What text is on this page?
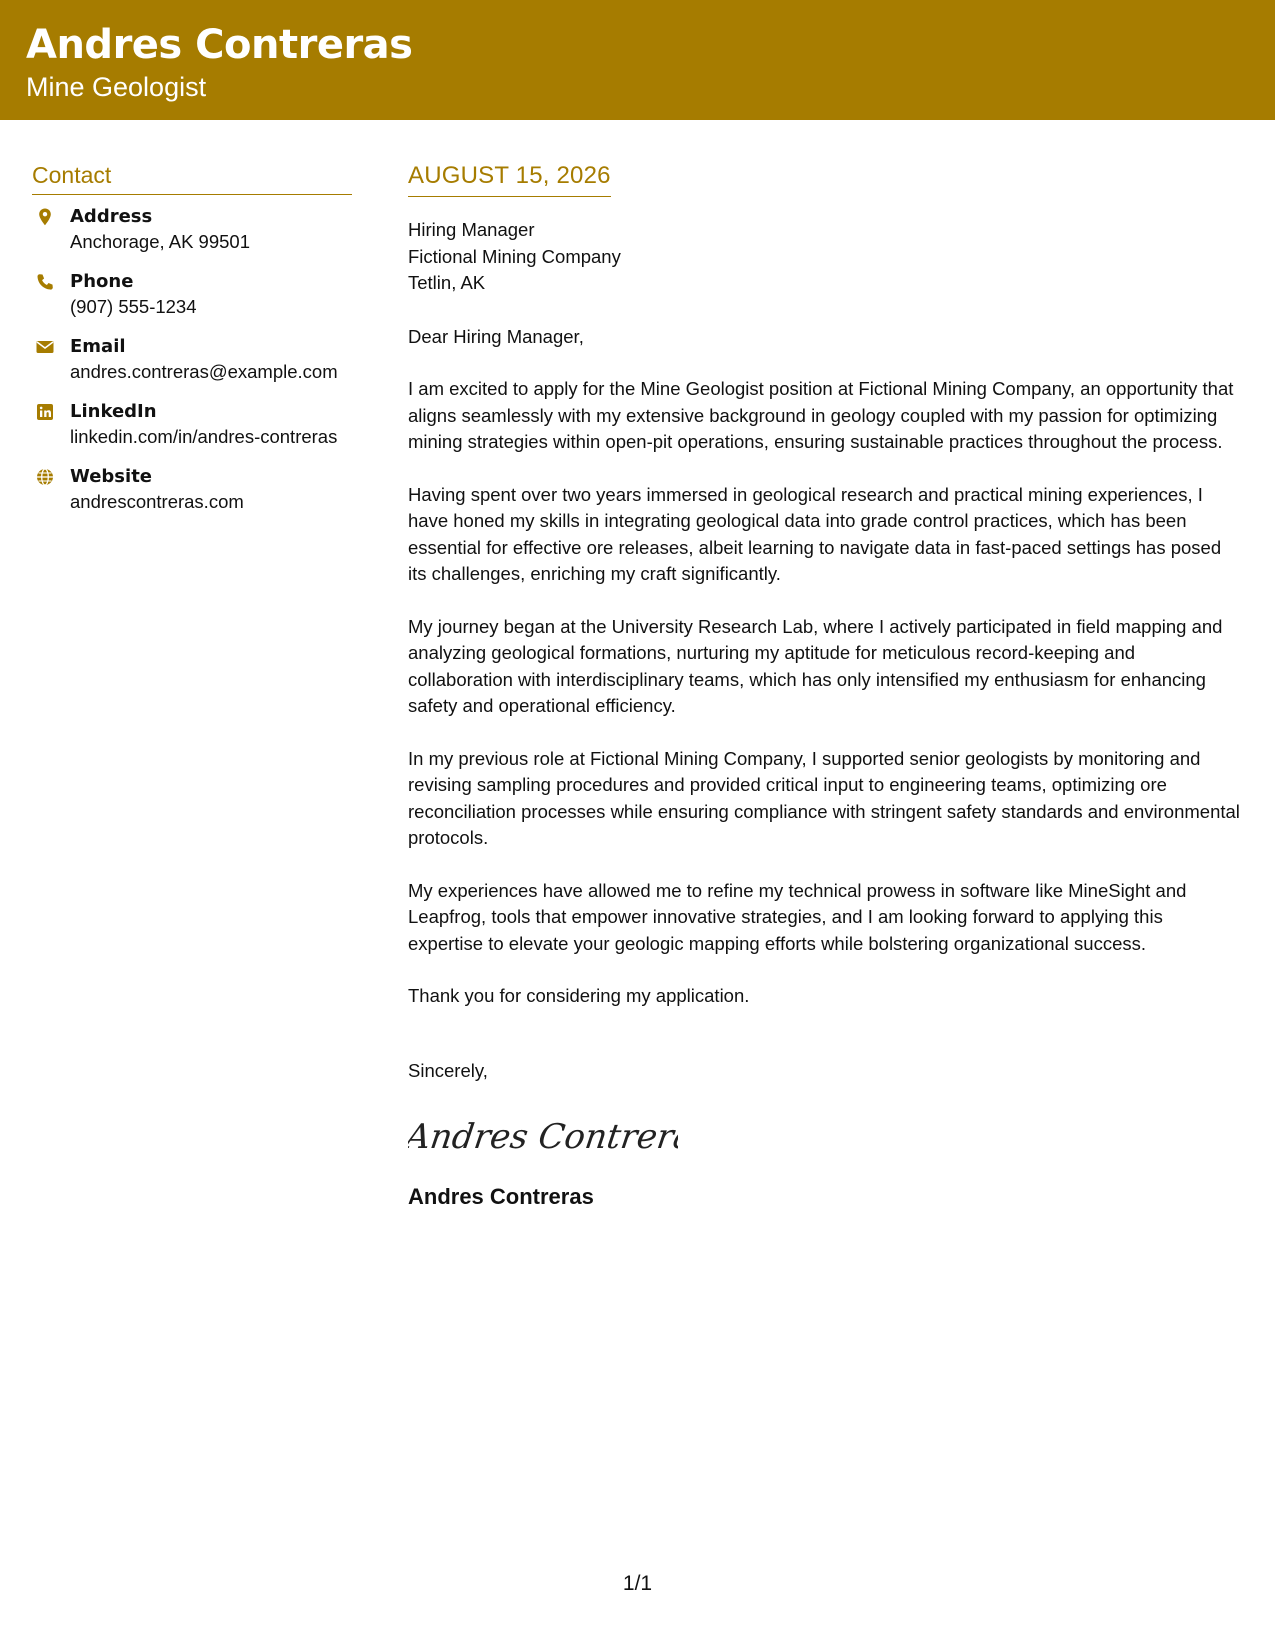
Andres Contreras
Mine Geologist
Contact
Address
Anchorage, AK 99501
Phone
(907) 555-1234
Email
andres.contreras@example.com
LinkedIn
linkedin.com/in/andres-contreras
Website
andrescontreras.com
AUGUST 15, 2026
Hiring Manager
Fictional Mining Company
Tetlin, AK
Dear Hiring Manager,
I am excited to apply for the Mine Geologist position at Fictional Mining Company, an opportunity that aligns seamlessly with my extensive background in geology coupled with my passion for optimizing mining strategies within open-pit operations, ensuring sustainable practices throughout the process.
Having spent over two years immersed in geological research and practical mining experiences, I have honed my skills in integrating geological data into grade control practices, which has been essential for effective ore releases, albeit learning to navigate data in fast-paced settings has posed its challenges, enriching my craft significantly.
My journey began at the University Research Lab, where I actively participated in field mapping and analyzing geological formations, nurturing my aptitude for meticulous record-keeping and collaboration with interdisciplinary teams, which has only intensified my enthusiasm for enhancing safety and operational efficiency.
In my previous role at Fictional Mining Company, I supported senior geologists by monitoring and revising sampling procedures and provided critical input to engineering teams, optimizing ore reconciliation processes while ensuring compliance with stringent safety standards and environmental protocols.
My experiences have allowed me to refine my technical prowess in software like MineSight and Leapfrog, tools that empower innovative strategies, and I am looking forward to applying this expertise to elevate your geologic mapping efforts while bolstering organizational success.
Thank you for considering my application.
Sincerely,
Andres Contrera
Andres Contreras
1/1
